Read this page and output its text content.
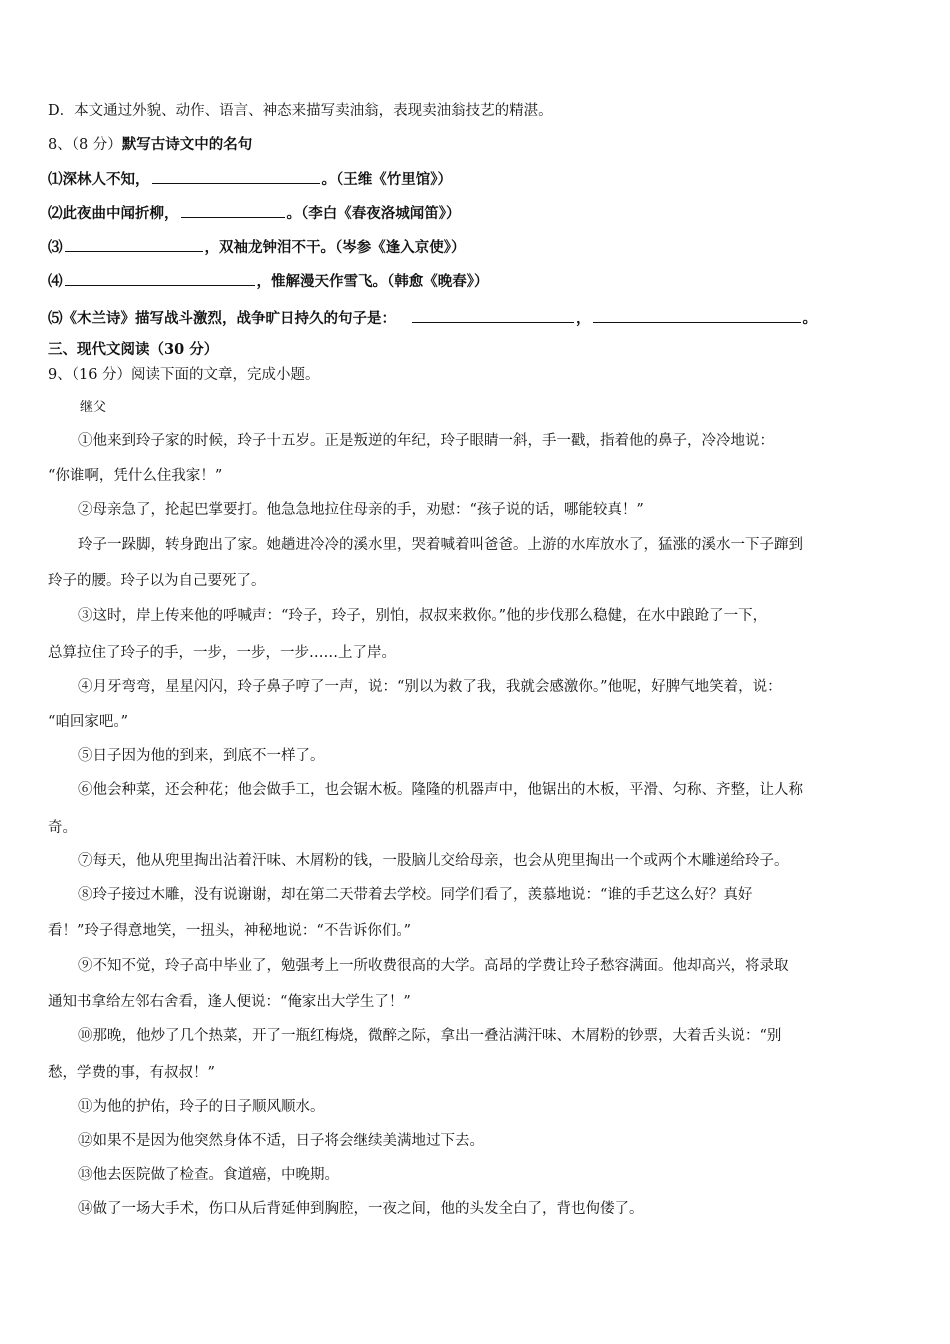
D．本文通过外貌、动作、语言、神态来描写卖油翁，表现卖油翁技艺的精湛。
8、（8 分）默写古诗文中的名句
⑴深林人不知，	。（王维《竹里馆》）
⑵此夜曲中闻折柳，	。（李白《春夜洛城闻笛》）
⑶	，双袖龙钟泪不干。（岑参《逢入京使》）
⑷	，惟解漫天作雪飞。（韩愈《晚春》）
⑸《木兰诗》描写战斗激烈，战争旷日持久的句子是：	，	。
三、现代文阅读（30 分）
9、（16 分）阅读下面的文章，完成小题。
继父
①他来到玲子家的时候，玲子十五岁。正是叛逆的年纪，玲子眼睛一斜，手一戳，指着他的鼻子，冷冷地说：
“你谁啊，凭什么住我家！”
②母亲急了，抡起巴掌要打。他急急地拉住母亲的手，劝慰：“孩子说的话，哪能较真！”
玲子一跺脚，转身跑出了家。她趟进冷冷的溪水里，哭着喊着叫爸爸。上游的水库放水了，猛涨的溪水一下子蹿到
玲子的腰。玲子以为自己要死了。
③这时，岸上传来他的呼喊声：“玲子，玲子，别怕，叔叔来救你。”他的步伐那么稳健，在水中踉跄了一下，
总算拉住了玲子的手，一步，一步，一步……上了岸。
④月牙弯弯，星星闪闪，玲子鼻子哼了一声，说：“别以为救了我，我就会感激你。”他呢，好脾气地笑着，说：
“咱回家吧。”
⑤日子因为他的到来，到底不一样了。
⑥他会种菜，还会种花；他会做手工，也会锯木板。隆隆的机器声中，他锯出的木板，平滑、匀称、齐整，让人称
奇。
⑦每天，他从兜里掏出沾着汗味、木屑粉的钱，一股脑儿交给母亲，也会从兜里掏出一个或两个木雕递给玲子。
⑧玲子接过木雕，没有说谢谢，却在第二天带着去学校。同学们看了，羡慕地说：“谁的手艺这么好？真好
看！”玲子得意地笑，一扭头，神秘地说：“不告诉你们。”
⑨不知不觉，玲子高中毕业了，勉强考上一所收费很高的大学。高昂的学费让玲子愁容满面。他却高兴，将录取
通知书拿给左邻右舍看，逢人便说：“俺家出大学生了！”
⑩那晚，他炒了几个热菜，开了一瓶红梅烧，微醉之际，拿出一叠沾满汗味、木屑粉的钞票，大着舌头说：“别
愁，学费的事，有叔叔！”
⑪为他的护佑，玲子的日子顺风顺水。
⑫如果不是因为他突然身体不适，日子将会继续美满地过下去。
⑬他去医院做了检查。食道癌，中晚期。
⑭做了一场大手术，伤口从后背延伸到胸腔，一夜之间，他的头发全白了，背也佝偻了。
